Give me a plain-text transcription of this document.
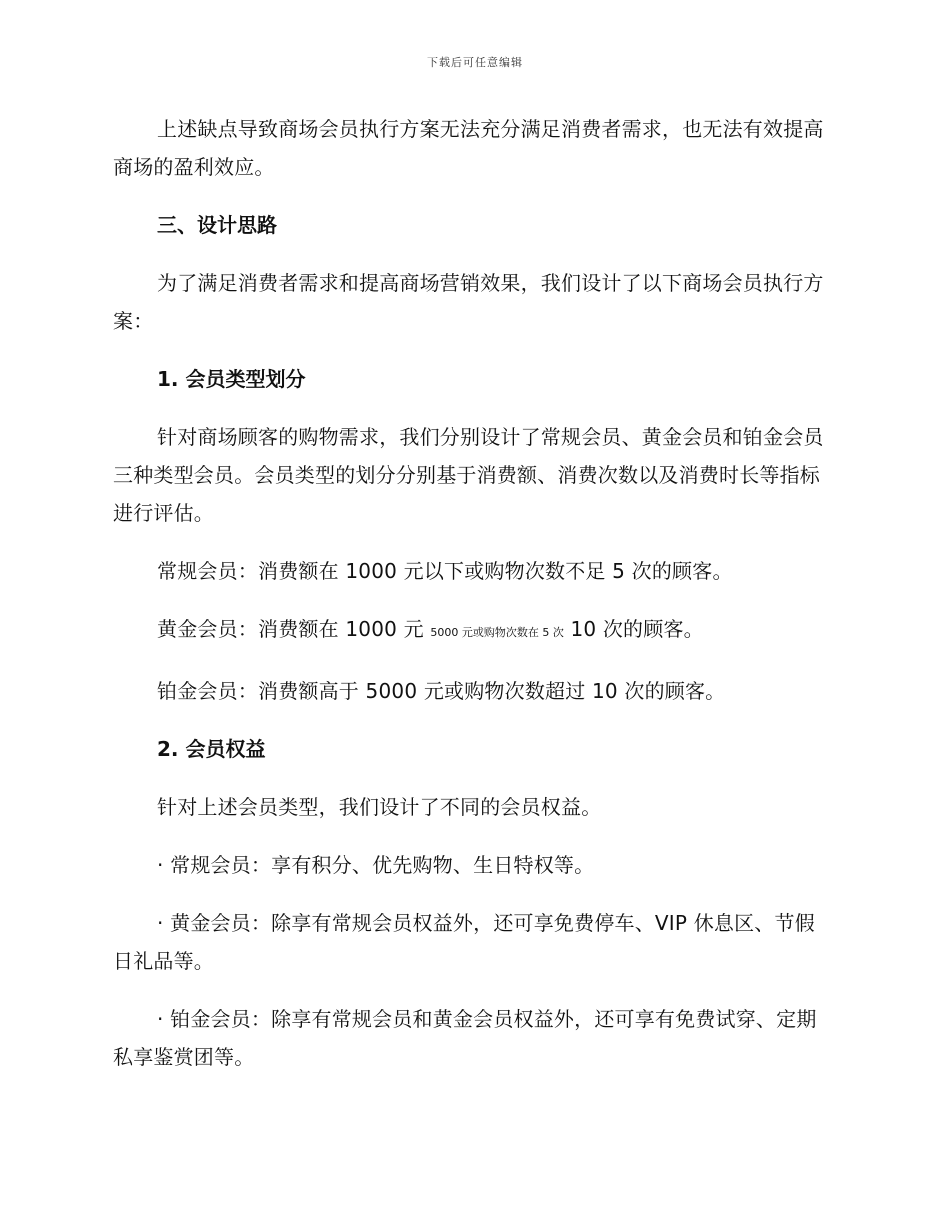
下载后可任意编辑

上述缺点导致商场会员执行方案无法充分满足消费者需求，也无法有效提高商场的盈利效应。

三、设计思路

为了满足消费者需求和提高商场营销效果，我们设计了以下商场会员执行方案：

1. 会员类型划分

针对商场顾客的购物需求，我们分别设计了常规会员、黄金会员和铂金会员三种类型会员。会员类型的划分分别基于消费额、消费次数以及消费时长等指标进行评估。

常规会员：消费额在 1000 元以下或购物次数不足 5 次的顾客。

黄金会员：消费额在 1000 元 5000 元或购物次数在 5 次 10 次的顾客。

铂金会员：消费额高于 5000 元或购物次数超过 10 次的顾客。

2. 会员权益

针对上述会员类型，我们设计了不同的会员权益。

· 常规会员：享有积分、优先购物、生日特权等。

· 黄金会员：除享有常规会员权益外，还可享免费停车、VIP 休息区、节假日礼品等。

· 铂金会员：除享有常规会员和黄金会员权益外，还可享有免费试穿、定期私享鉴赏团等。
